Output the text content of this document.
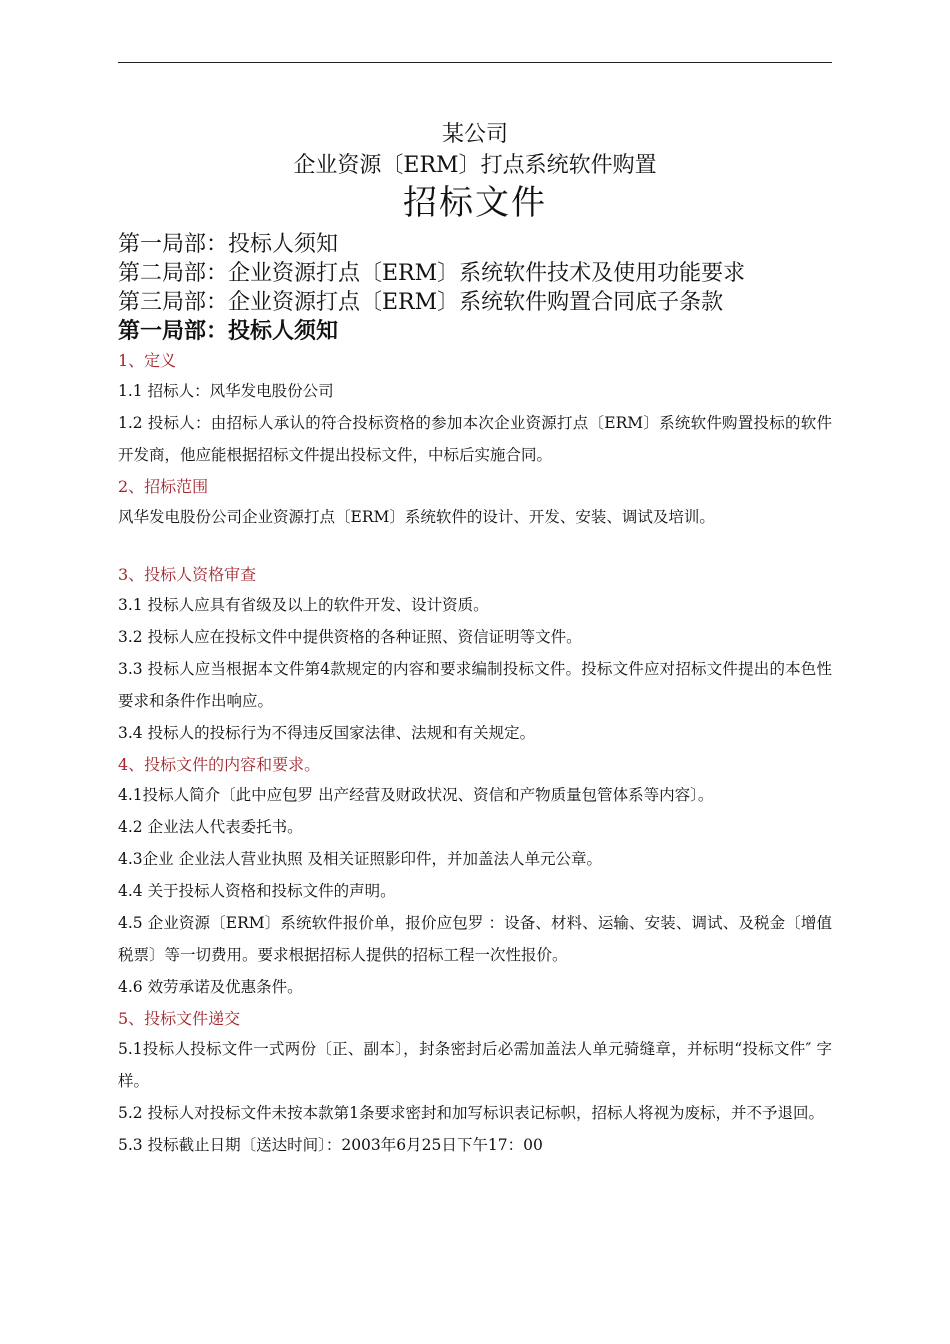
某公司
企业资源〔ERM〕打点系统软件购置
招标文件
第一局部：投标人须知
第二局部：企业资源打点〔ERM〕系统软件技术及使用功能要求
第三局部：企业资源打点〔ERM〕系统软件购置合同底子条款
第一局部：投标人须知
1、定义
1.1 招标人：风华发电股份公司
1.2 投标人：由招标人承认的符合投标资格的参加本次企业资源打点〔ERM〕系统软件购置投标的软件开发商，他应能根据招标文件提出投标文件，中标后实施合同。
2、招标范围
风华发电股份公司企业资源打点〔ERM〕系统软件的设计、开发、安装、调试及培训。
3、投标人资格审查
3.1 投标人应具有省级及以上的软件开发、设计资质。
3.2 投标人应在投标文件中提供资格的各种证照、资信证明等文件。
3.3 投标人应当根据本文件第4款规定的内容和要求编制投标文件。投标文件应对招标文件提出的本色性要求和条件作出响应。
3.4 投标人的投标行为不得违反国家法律、法规和有关规定。
4、投标文件的内容和要求。
4.1投标人简介〔此中应包罗 出产经营及财政状况、资信和产物质量包管体系等内容〕。
4.2 企业法人代表委托书。
4.3企业 企业法人营业执照 及相关证照影印件，并加盖法人单元公章。
4.4 关于投标人资格和投标文件的声明。
4.5 企业资源〔ERM〕系统软件报价单，报价应包罗 ：设备、材料、运输、安装、调试、及税金〔增值税票〕等一切费用。要求根据招标人提供的招标工程一次性报价。
4.6 效劳承诺及优惠条件。
5、投标文件递交
5.1投标人投标文件一式两份〔正、副本〕，封条密封后必需加盖法人单元骑缝章，并标明“投标文件″ 字样。
5.2 投标人对投标文件未按本款第1条要求密封和加写标识表记标帜，招标人将视为废标，并不予退回。
5.3 投标截止日期〔送达时间〕：2003年6月25日下午17：00
